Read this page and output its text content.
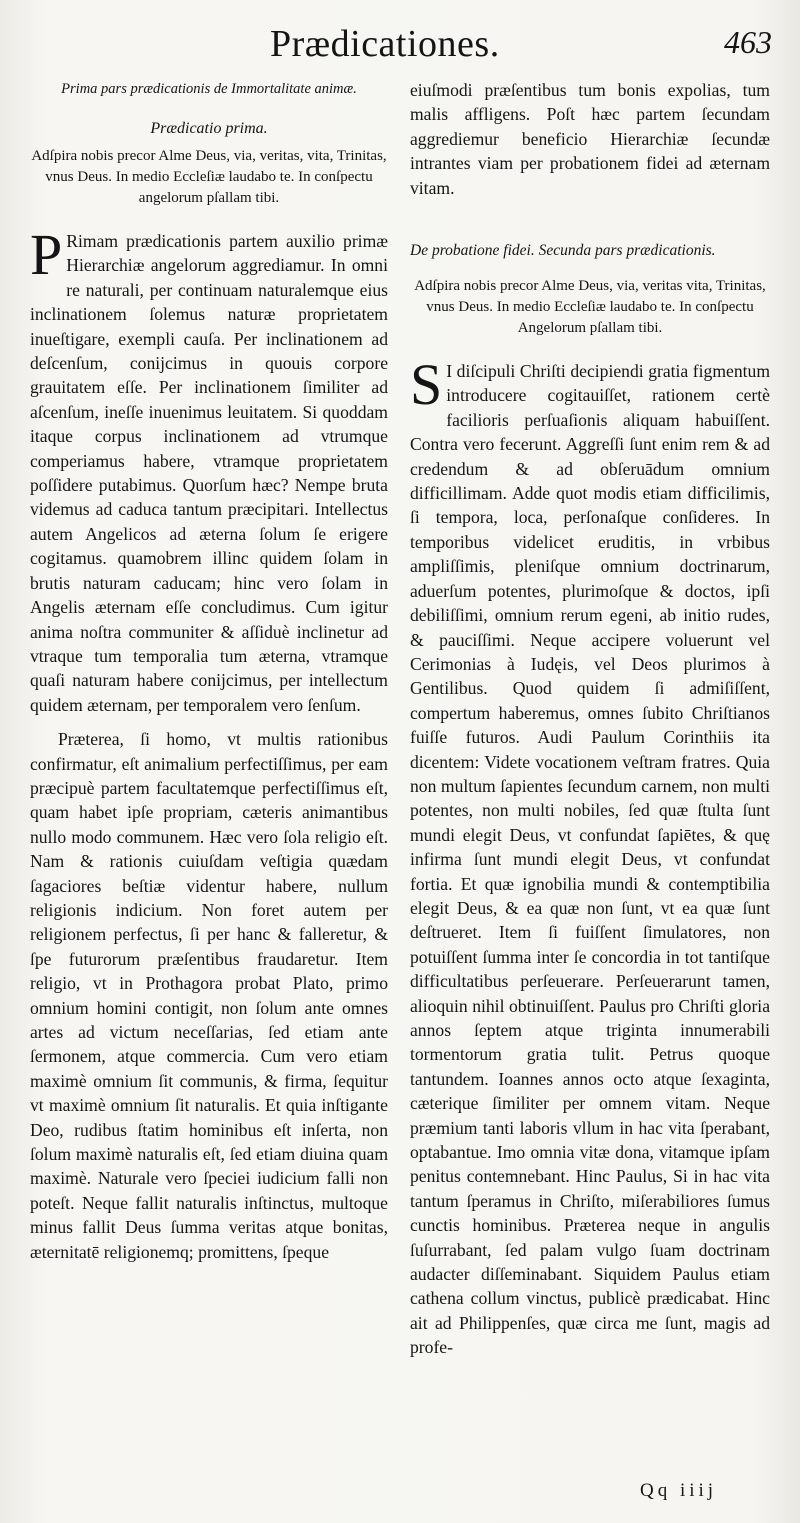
Prædicationes.	463

Prima pars prædicationis de Immortalitate animæ.

Prædicatio prima.

Adſpira nobis precor Alme Deus, via, veritas, vita, Trinitas, vnus Deus. In medio Eccleſiæ laudabo te. In conſpectu angelorum pſallam tibi.

P Rimam prædicationis partem auxilio primæ Hierarchiæ angelorum aggrediamur. In omni re naturali, per continuam naturalemque eius inclinationem ſolemus naturæ proprietatem inueſtigare, exempli cauſa. Per inclinationem ad deſcenſum, conijcimus in quouis corpore grauitatem eſſe. Per inclinationem ſimiliter ad aſcenſum, ineſſe inuenimus leuitatem. Si quoddam itaque corpus inclinationem ad vtrumque comperiamus habere, vtramque proprietatem poſſidere putabimus. Quorſum hæc? Nempe bruta videmus ad caduca tantum præcipitari. Intellectus autem Angelicos ad æterna ſolum ſe erigere cogitamus. quamobrem illinc quidem ſolam in brutis naturam caducam; hinc vero ſolam in Angelis æternam eſſe concludimus. Cum igitur anima noſtra communiter & aſſiduè inclinetur ad vtraque tum temporalia tum æterna, vtramque quaſi naturam habere conijcimus, per intellectum quidem æternam, per temporalem vero ſenſum.

Præterea, ſi homo, vt multis rationibus confirmatur, eſt animalium perfectiſſimus, per eam præcipuè partem facultatemque perfectiſſimus eſt, quam habet ipſe propriam, cæteris animantibus nullo modo communem. Hæc vero ſola religio eſt. Nam & rationis cuiuſdam veſtigia quædam ſagaciores beſtiæ videntur habere, nullum religionis indicium. Non foret autem per religionem perfectus, ſi per hanc & falleretur, & ſpe futurorum præſentibus fraudaretur. Item religio, vt in Prothagora probat Plato, primo omnium homini contigit, non ſolum ante omnes artes ad victum neceſſarias, ſed etiam ante ſermonem, atque commercia. Cum vero etiam maximè omnium ſit communis, & firma, ſequitur vt maximè omnium ſit naturalis. Et quia inſtigante Deo, rudibus ſtatim hominibus eſt inſerta, non ſolum maximè naturalis eſt, ſed etiam diuina quam maximè. Naturale vero ſpeciei iudicium falli non poteſt. Neque fallit naturalis inſtinctus, multoque minus fallit Deus ſumma veritas atque bonitas, æternitatē religionemq; promittens, ſpeque

eiuſmodi præſentibus tum bonis expolias, tum malis affligens. Poſt hæc partem ſecundam aggrediemur beneficio Hierarchiæ ſecundæ intrantes viam per probationem fidei ad æternam vitam.

De probatione fidei. Secunda pars prædicationis.

Adſpira nobis precor Alme Deus, via, veritas vita, Trinitas, vnus Deus. In medio Eccleſiæ laudabo te. In conſpectu Angelorum pſallam tibi.

S I diſcipuli Chriſti decipiendi gratia figmentum introducere cogitauiſſet, rationem certè facilioris perſuaſionis aliquam habuiſſent. Contra vero fecerunt. Aggreſſi ſunt enim rem & ad credendum & ad obſeruādum omnium difficillimam. Adde quot modis etiam difficilimis, ſi tempora, loca, perſonaſque conſideres. In temporibus videlicet eruditis, in vrbibus ampliſſimis, pleniſque omnium doctrinarum, aduerſum potentes, plurimoſque & doctos, ipſi debiliſſimi, omnium rerum egeni, ab initio rudes, & pauciſſimi. Neque accipere voluerunt vel Cerimonias à Iudęis, vel Deos plurimos à Gentilibus. Quod quidem ſi admiſiſſent, compertum haberemus, omnes ſubito Chriſtianos fuiſſe futuros. Audi Paulum Corinthiis ita dicentem: Videte vocationem veſtram fratres. Quia non multum ſapientes ſecundum carnem, non multi potentes, non multi nobiles, ſed quæ ſtulta ſunt mundi elegit Deus, vt confundat ſapiētes, & quę infirma ſunt mundi elegit Deus, vt confundat fortia. Et quæ ignobilia mundi & contemptibilia elegit Deus, & ea quæ non ſunt, vt ea quæ ſunt deſtrueret. Item ſi fuiſſent ſimulatores, non potuiſſent ſumma inter ſe concordia in tot tantiſque difficultatibus perſeuerare. Perſeuerarunt tamen, alioquin nihil obtinuiſſent. Paulus pro Chriſti gloria annos ſeptem atque triginta innumerabili tormentorum gratia tulit. Petrus quoque tantundem. Ioannes annos octo atque ſexaginta, cæterique ſimiliter per omnem vitam. Neque præmium tanti laboris vllum in hac vita ſperabant, optabantue. Imo omnia vitæ dona, vitamque ipſam penitus contemnebant. Hinc Paulus, Si in hac vita tantum ſperamus in Chriſto, miſerabiliores ſumus cunctis hominibus. Præterea neque in angulis ſuſurrabant, ſed palam vulgo ſuam doctrinam audacter diſſeminabant. Siquidem Paulus etiam cathena collum vinctus, publicè prædicabat. Hinc ait ad Philippenſes, quæ circa me ſunt, magis ad profe-

Qq iiij
